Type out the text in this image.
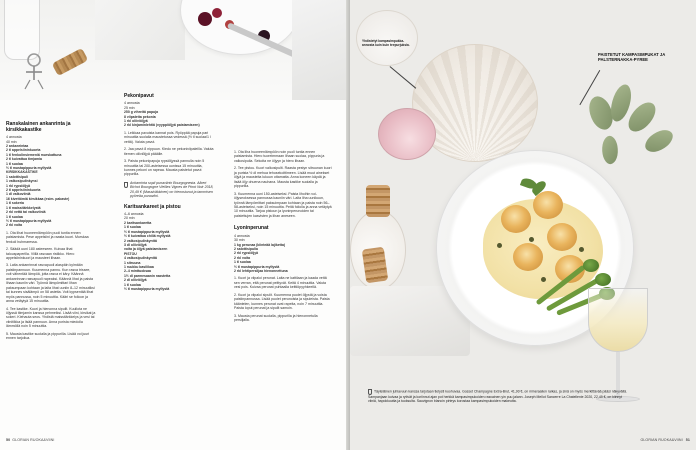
Ranskalainen ankanrinta ja kirsikkakastike
4 annosta
40 min
2 ankanrintaa
2 tl appelsiininkuorta
1 tl fenkolinsiemeniä murskattuna
2 tl kuivattua timjamia
1 tl suolaa
½ tl mustapippuria myllystä
KIRSIKKAKASTIKE
1 salottisipuli
1 valkosipulinkynsi
1 rkl rypsiöljyä
2 tl appelsiininkuorta
1 dl valkoviiniä
16 kivettömiä kirsikkaa (esim. pakaste)
1 tl sokeria
1 tl maissitärkkelystä
2 rkl vettä tai valkoviiniä
1 tl suolaa
½ tl mustapippuria myllystä
2 rkl voita
1. Ota lihat huoneenlämpöön puoli tuntia ennen paistamista. Pese appelsiini ja raasta kuori. Murskaa fenkoli huhmaressa.
2. Säädä uuni 180 asteeseen. Kuivaa lihat talouspaperilla. Viillä rasvaan ristikko. Hiero appelsiininkuori ja mausteet lihaan.
3. Laita ankanrinnat rasvapuoli alaspäin kylmään paistinpannuun. Kuumenna pannu. Kun rasva trissee, voit vähentää lämpöä, jotta rasva ei käry. Käännä ankanrinnan rasvapuoli rapeaksi. Käännä lihat ja paista lihaan kauniin väri. Työnnä lämpömittari lihan paksumpaan kohtaan ja laita lihat uuniin 8–12 minuutiksi tai kunnes sisälämpö on 58 astetta. Voit kypsentää lihat myös pannussa, noin 5 minuuttia. Kääri se folioon ja anna vetäytyä 15 minuuttia.
4. Tee kastike. Kuori ja hienonna sipulit. Kuullota ne öljyssä tiimjamin kanssa pehmeiksi. Lisää viini, kirsikat ja sokeri. Kiehauta seos. Yhdistä maissitärkkelys ja vesi tai viinitilkka ja lisää pannuun. Anna porista miedolla lämmöllä noin 5 minuuttia.
5. Mausta kastike suolalla ja pippurilla. Lisää voi juuri ennen tarjoilua.
Pekonipavut
4 annosta
25 min
250 g vihreitä papuja
8 viipaletta pekonia
1 rkl oliiviöljyä
2 rkl kinjaminlehtiä (vyyppiöljyä paistamiseen)
1. Leikkaa pavuista kannat pois. Ryöppää papuja pari minuuttia suolalla maustetussa vedessä (½ tl suolaa/1 l vettä). Valuta pavut.
2. Jaa pavut 8 nippuun. Kiedo ne pekoniviipaleilla. Valuta tiemen oliiviöljyä pääälle.
3. Paista pekonipapuja rypsiöljyssä pannulla noin 5 minuuttia tai 200-asteisessa uunissa 15 minuuttia, kunnes pekoni on rapeaa. Mausta paistetut pavut pippurilla.
Ankanrinta sopii punaviinin Bourgognesta. Albert Bichot Bourgogne Vieilles Vignes de Pinot Noir 2018, 20,49 € (Massiväkkinen) on hienostunut ja tammisen pyöreäa punaviini.
Karitsankareet ja pistou
4–6 annosta
20 min
2 karitsankaretta
1 tl suolaa
½ tl mustapippuria myllystä
½ tl kuivattua chiliä myllystä
2 valkosipulinkynttä
3 dl oliiviöljyä
voita ja öljyä paistamiseen
PISTOU
4 valkosipulinkynttä
1 sitruuna
1 ruukku basilikaa
2–4 minttuoksaa
1½ dl parmesaanin raastetta
2 dl oliiviöljyä
1 tl suolaa
½ tl mustapippuria myllystä
1. Ota liha huoneenlämpöön noin puoli tuntia ennen paistamista. Hiero tuoreimmaan lihaan suolaa, pippuria ja valkosipulia. Sekoita ne öljyyn ja hiero lihaan.
2. Tee pistou. Kuori valkosipulit. Raasta pestyn sitruunan kuori ja purista ½ dl mehua tehosekoittimeen. Lisää muut ainekset öljyä ja mausteita lukuun ottamatta. Anna koneen käydä ja lisää öljy ohuena nauhana. Mausta kastike suolalla ja pippurilla.
3. Kuumenna uuni 150-asteiseksi. Paista lihoihin voi-öljyseoksessa pannussa kauniin väri. Laita liha uunikuun, työnnä lämpömittari paksuimpaan kohtaan ja paista noin 56–58-asteiseksi, noin 15 minuuttia. Peitä foliolla ja anna vetäytyä 10 minuuttia. Tarjoa pistoun ja lyoninperunoiden tai paistettujen kasvisten ja lihan aneseen.
Lyoninperunat
4 annosta
30 min
1 kg perunaa (kiinteää lajiketta)
2 salottisipulia
2 rkl rypsiöljyä
2 rkl voita
1 tl suolaa
½ tl mustapippuria myllystä
2 rkl lehtipersiljaa hienonnettuna
1. Kuori ja viipaloi perunat. Laita ne kattilaan ja kaada vettä sen verran, että perunat peittyvät. Keitä 4 minuuttia. Valuta vesi pois. Kuivaa perunat puhtaalla keittiöpyyhkeellä.
2. Kuori ja viipaloi sipulit. Kuumenna puolet öljystä ja voista paistinpannussa. Lisää puolet perunoista ja sipuleista. Paista kääntelen, kunnes perunat ovat rapeita, noin 7 minuuttia. Paista loput perunat ja sipulit samoin.
3. Mausta perunat suolalla, pippurilla ja hienonnetulla persiljalla.
50 GLORIAN RUOKA&VIINI
Yhdistetyt kampasimpukka-annosta kuin kuin teepurjuksia.
PAISTETUT KAMPASIMPUKAT JA PALSTERNAKKA-PYREE
Täyteläinen juhlavuun kanssa tarjotaan tietysti kuohuvaa. Gosset Champagne Extra-Brut, 41,90 €, on mineraalien raikas, ja sinä on myös merkittävää pääsi näkyvällä. Sampanjaan kuivaa ja rytivät ja koriinnut ajan pot herkkä kampasimpukoiden rasvainen yin puu jalann. Joseph Mellot Sancerre La Chatellenie 2020, 22,49 €, on kiinnyt viiniä, hapokkuutta ja tuoksulta. Sauvignon blancin pirteys korostaa kampasimpukoiden makeutta.
GLORIAN RUOKA&VIINI 51
